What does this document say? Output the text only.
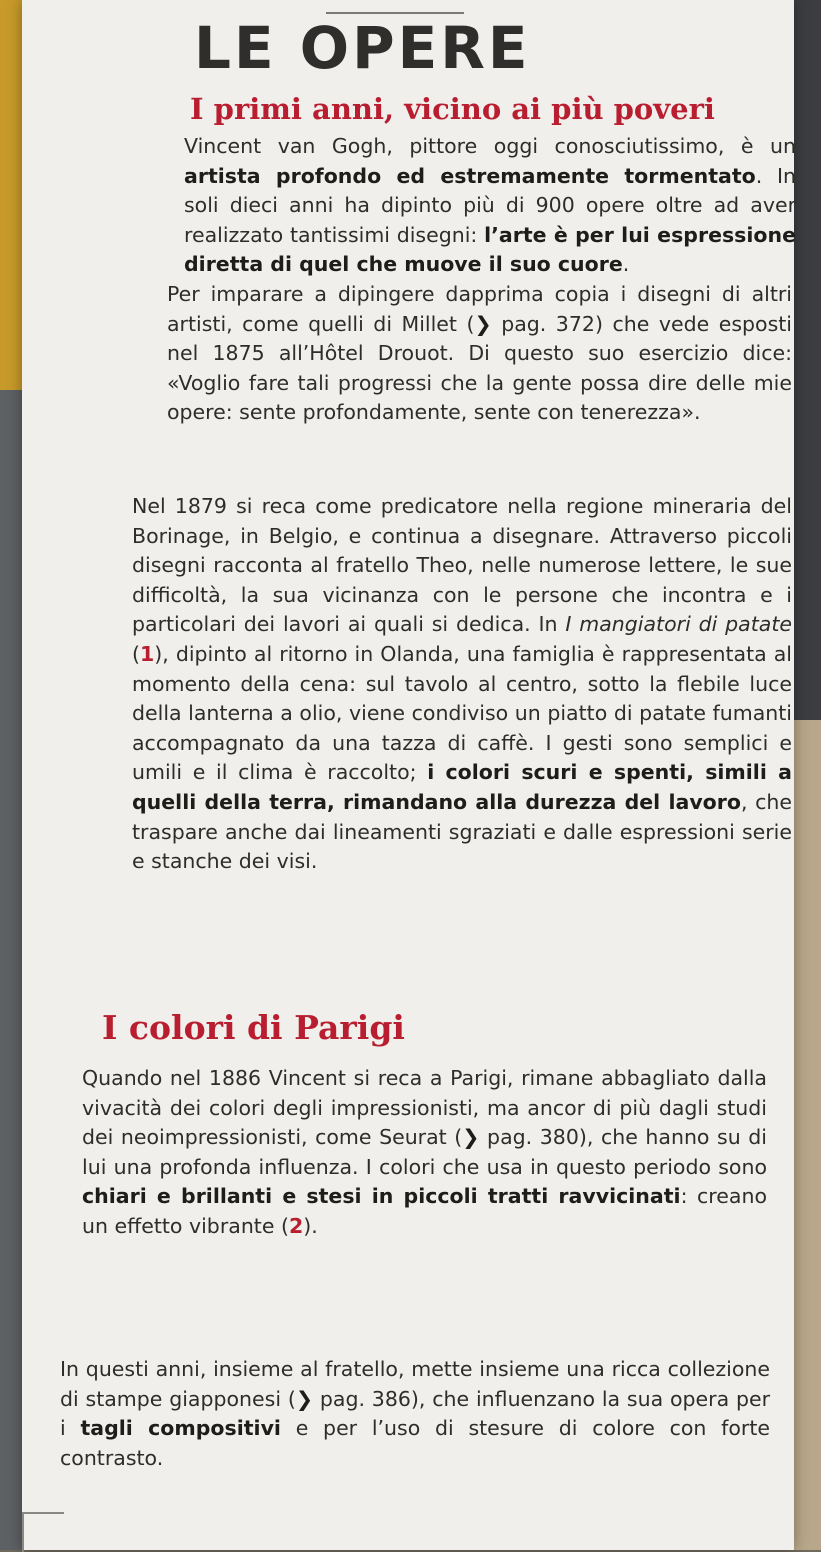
LE OPERE
I primi anni, vicino ai più poveri

Vincent van Gogh, pittore oggi conosciutissimo, è un artista profondo ed estremamente tormentato. In soli dieci anni ha dipinto più di 900 opere oltre ad aver realizzato tantissimi disegni: l’arte è per lui espressione diretta di quel che muove il suo cuore.

Per imparare a dipingere dapprima copia i disegni di altri artisti, come quelli di Millet (❯ pag. 372) che vede esposti nel 1875 all’Hôtel Drouot. Di questo suo esercizio dice: «Voglio fare tali progressi che la gente possa dire delle mie opere: sente profondamente, sente con tenerezza».

Nel 1879 si reca come predicatore nella regione mineraria del Borinage, in Belgio, e continua a disegnare. Attraverso piccoli disegni racconta al fratello Theo, nelle numerose lettere, le sue difficoltà, la sua vicinanza con le persone che incontra e i particolari dei lavori ai quali si dedica. In I mangiatori di patate (1), dipinto al ritorno in Olanda, una famiglia è rappresentata al momento della cena: sul tavolo al centro, sotto la flebile luce della lanterna a olio, viene condiviso un piatto di patate fumanti accompagnato da una tazza di caffè. I gesti sono semplici e umili e il clima è raccolto; i colori scuri e spenti, simili a quelli della terra, rimandano alla durezza del lavoro, che traspare anche dai lineamenti sgraziati e dalle espressioni serie e stanche dei visi.

I colori di Parigi

Quando nel 1886 Vincent si reca a Parigi, rimane abbagliato dalla vivacità dei colori degli impressionisti, ma ancor di più dagli studi dei neoimpressionisti, come Seurat (❯ pag. 380), che hanno su di lui una profonda influenza. I colori che usa in questo periodo sono chiari e brillanti e stesi in piccoli tratti ravvicinati: creano un effetto vibrante (2).

In questi anni, insieme al fratello, mette insieme una ricca collezione di stampe giapponesi (❯ pag. 386), che influenzano la sua opera per i tagli compositivi e per l’uso di stesure di colore con forte contrasto.
